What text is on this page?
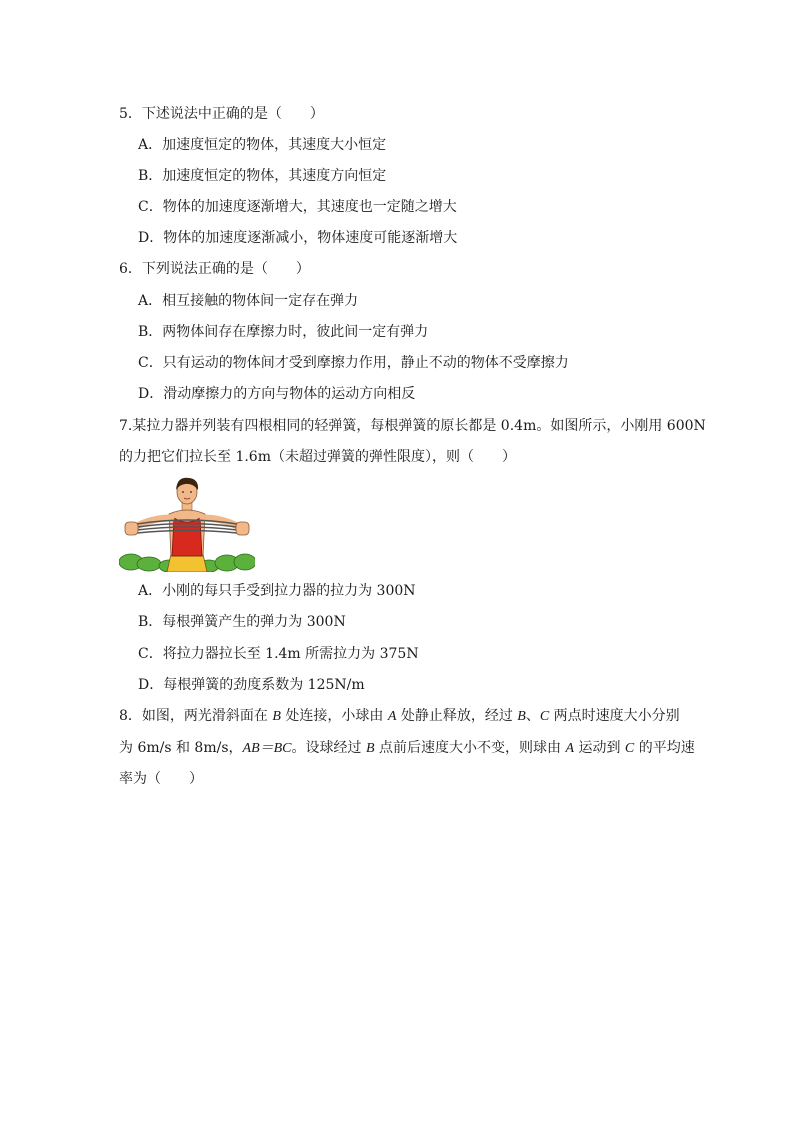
5．下述说法中正确的是（　　）
A．加速度恒定的物体，其速度大小恒定
B．加速度恒定的物体，其速度方向恒定
C．物体的加速度逐渐增大，其速度也一定随之增大
D．物体的加速度逐渐减小，物体速度可能逐渐增大
6．下列说法正确的是（　　）
A．相互接触的物体间一定存在弹力
B．两物体间存在摩擦力时，彼此间一定有弹力
C．只有运动的物体间才受到摩擦力作用，静止不动的物体不受摩擦力
D．滑动摩擦力的方向与物体的运动方向相反
7.某拉力器并列装有四根相同的轻弹簧，每根弹簧的原长都是 0.4m。如图所示，小刚用 600N
的力把它们拉长至 1.6m（未超过弹簧的弹性限度），则（　　）
A．小刚的每只手受到拉力器的拉力为 300N
B．每根弹簧产生的弹力为 300N
C．将拉力器拉长至 1.4m 所需拉力为 375N
D．每根弹簧的劲度系数为 125N/m
8．如图，两光滑斜面在 B 处连接，小球由 A 处静止释放，经过 B、C 两点时速度大小分别
为 6m/s 和 8m/s，AB＝BC。设球经过 B 点前后速度大小不变，则球由 A 运动到 C 的平均速
率为（　　）
